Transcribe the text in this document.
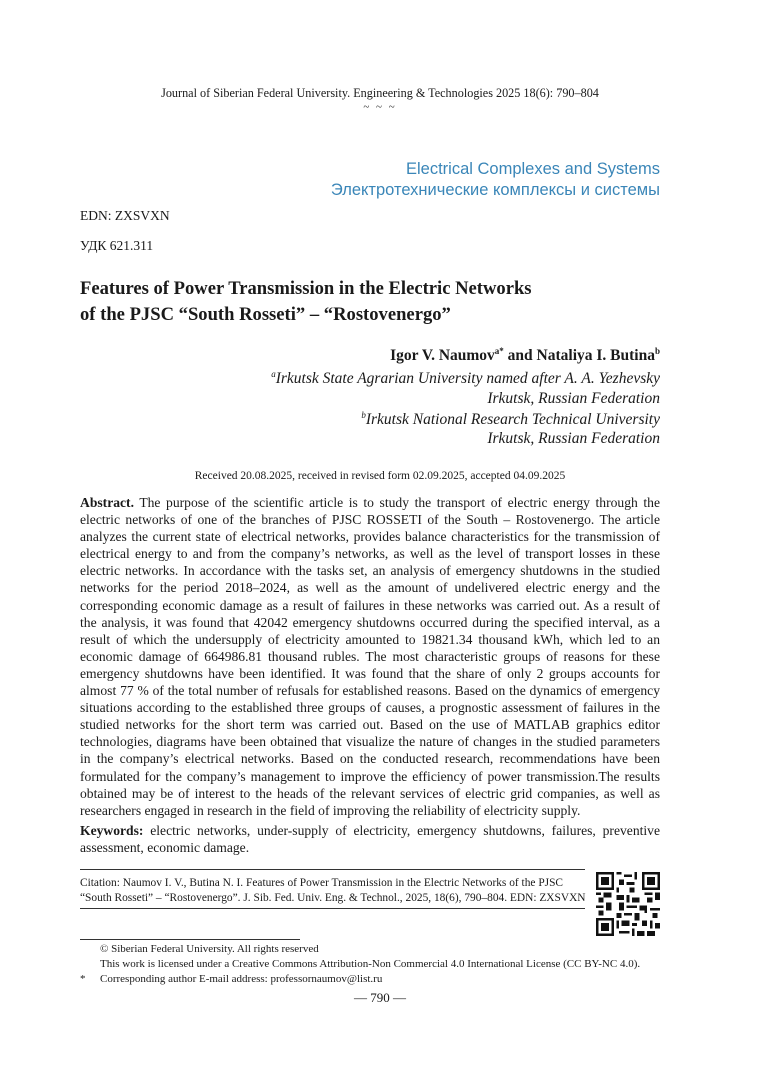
Journal of Siberian Federal University. Engineering & Technologies 2025 18(6): 790–804
~ ~ ~
Electrical Complexes and Systems
Электротехнические комплексы и системы
EDN: ZXSVXN
УДК 621.311
Features of Power Transmission in the Electric Networks
of the PJSC “South Rosseti” – “Rostovenergo”
Igor V. Naumov$^{a*}$ and Nataliya I. Butina$^b$
$^a$Irkutsk State Agrarian University named after A. A. Yezhevsky
Irkutsk, Russian Federation
$^b$Irkutsk National Research Technical University
Irkutsk, Russian Federation
Received 20.08.2025, received in revised form 02.09.2025, accepted 04.09.2025
Abstract. The purpose of the scientific article is to study the transport of electric energy through the electric networks of one of the branches of PJSC ROSSETI of the South – Rostovenergo. The article analyzes the current state of electrical networks, provides balance characteristics for the transmission of electrical energy to and from the company’s networks, as well as the level of transport losses in these electric networks. In accordance with the tasks set, an analysis of emergency shutdowns in the studied networks for the period 2018–2024, as well as the amount of undelivered electric energy and the corresponding economic damage as a result of failures in these networks was carried out. As a result of the analysis, it was found that 42042 emergency shutdowns occurred during the specified interval, as a result of which the undersupply of electricity amounted to 19821.34 thousand kWh, which led to an economic damage of 664986.81 thousand rubles. The most characteristic groups of reasons for these emergency shutdowns have been identified. It was found that the share of only 2 groups accounts for almost 77 % of the total number of refusals for established reasons. Based on the dynamics of emergency situations according to the established three groups of causes, a prognostic assessment of failures in the studied networks for the short term was carried out. Based on the use of MATLAB graphics editor technologies, diagrams have been obtained that visualize the nature of changes in the studied parameters in the company’s electrical networks. Based on the conducted research, recommendations have been formulated for the company’s management to improve the efficiency of power transmission.The results obtained may be of interest to the heads of the relevant services of electric grid companies, as well as researchers engaged in research in the field of improving the reliability of electricity supply.
Keywords: electric networks, under-supply of electricity, emergency shutdowns, failures, preventive assessment, economic damage.
Citation: Naumov I. V., Butina N. I. Features of Power Transmission in the Electric Networks of the PJSC
“South Rosseti” – “Rostovenergo”. J. Sib. Fed. Univ. Eng. & Technol., 2025, 18(6), 790–804. EDN: ZXSVXN
© Siberian Federal University. All rights reserved
This work is licensed under a Creative Commons Attribution-Non Commercial 4.0 International License (CC BY-NC 4.0).
* Corresponding author E-mail address: professornaumov@list.ru
— 790 —
